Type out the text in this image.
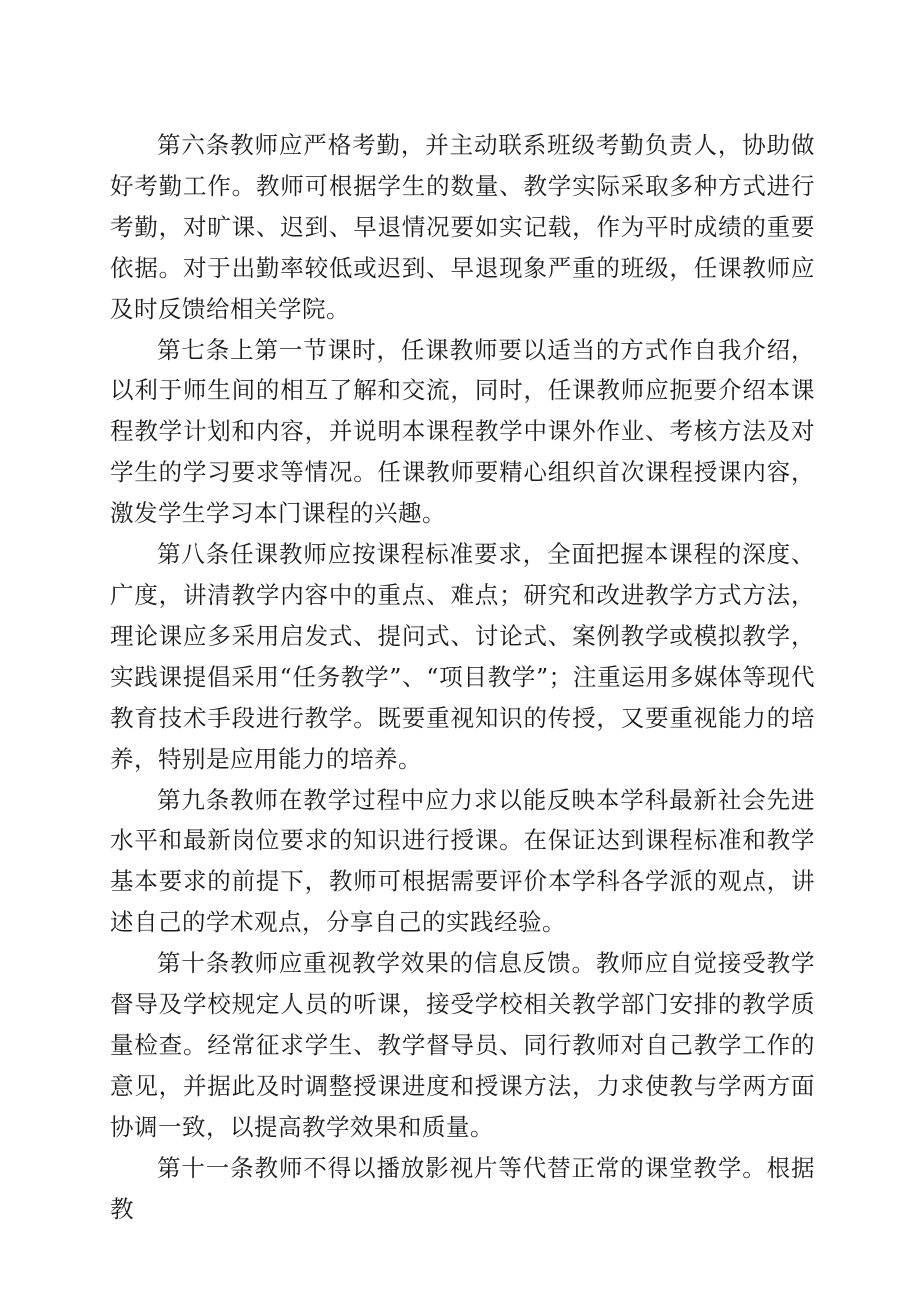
第六条教师应严格考勤，并主动联系班级考勤负责人，协助做好考勤工作。教师可根据学生的数量、教学实际采取多种方式进行考勤，对旷课、迟到、早退情况要如实记载，作为平时成绩的重要依据。对于出勤率较低或迟到、早退现象严重的班级，任课教师应及时反馈给相关学院。

第七条上第一节课时，任课教师要以适当的方式作自我介绍，以利于师生间的相互了解和交流，同时，任课教师应扼要介绍本课程教学计划和内容，并说明本课程教学中课外作业、考核方法及对学生的学习要求等情况。任课教师要精心组织首次课程授课内容，激发学生学习本门课程的兴趣。

第八条任课教师应按课程标准要求，全面把握本课程的深度、广度，讲清教学内容中的重点、难点；研究和改进教学方式方法，理论课应多采用启发式、提问式、讨论式、案例教学或模拟教学，实践课提倡采用“任务教学”、“项目教学”；注重运用多媒体等现代教育技术手段进行教学。既要重视知识的传授，又要重视能力的培养，特别是应用能力的培养。

第九条教师在教学过程中应力求以能反映本学科最新社会先进水平和最新岗位要求的知识进行授课。在保证达到课程标准和教学基本要求的前提下，教师可根据需要评价本学科各学派的观点，讲述自己的学术观点，分享自己的实践经验。

第十条教师应重视教学效果的信息反馈。教师应自觉接受教学督导及学校规定人员的听课，接受学校相关教学部门安排的教学质量检查。经常征求学生、教学督导员、同行教师对自己教学工作的意见，并据此及时调整授课进度和授课方法，力求使教与学两方面协调一致，以提高教学效果和质量。

第十一条教师不得以播放影视片等代替正常的课堂教学。根据教
